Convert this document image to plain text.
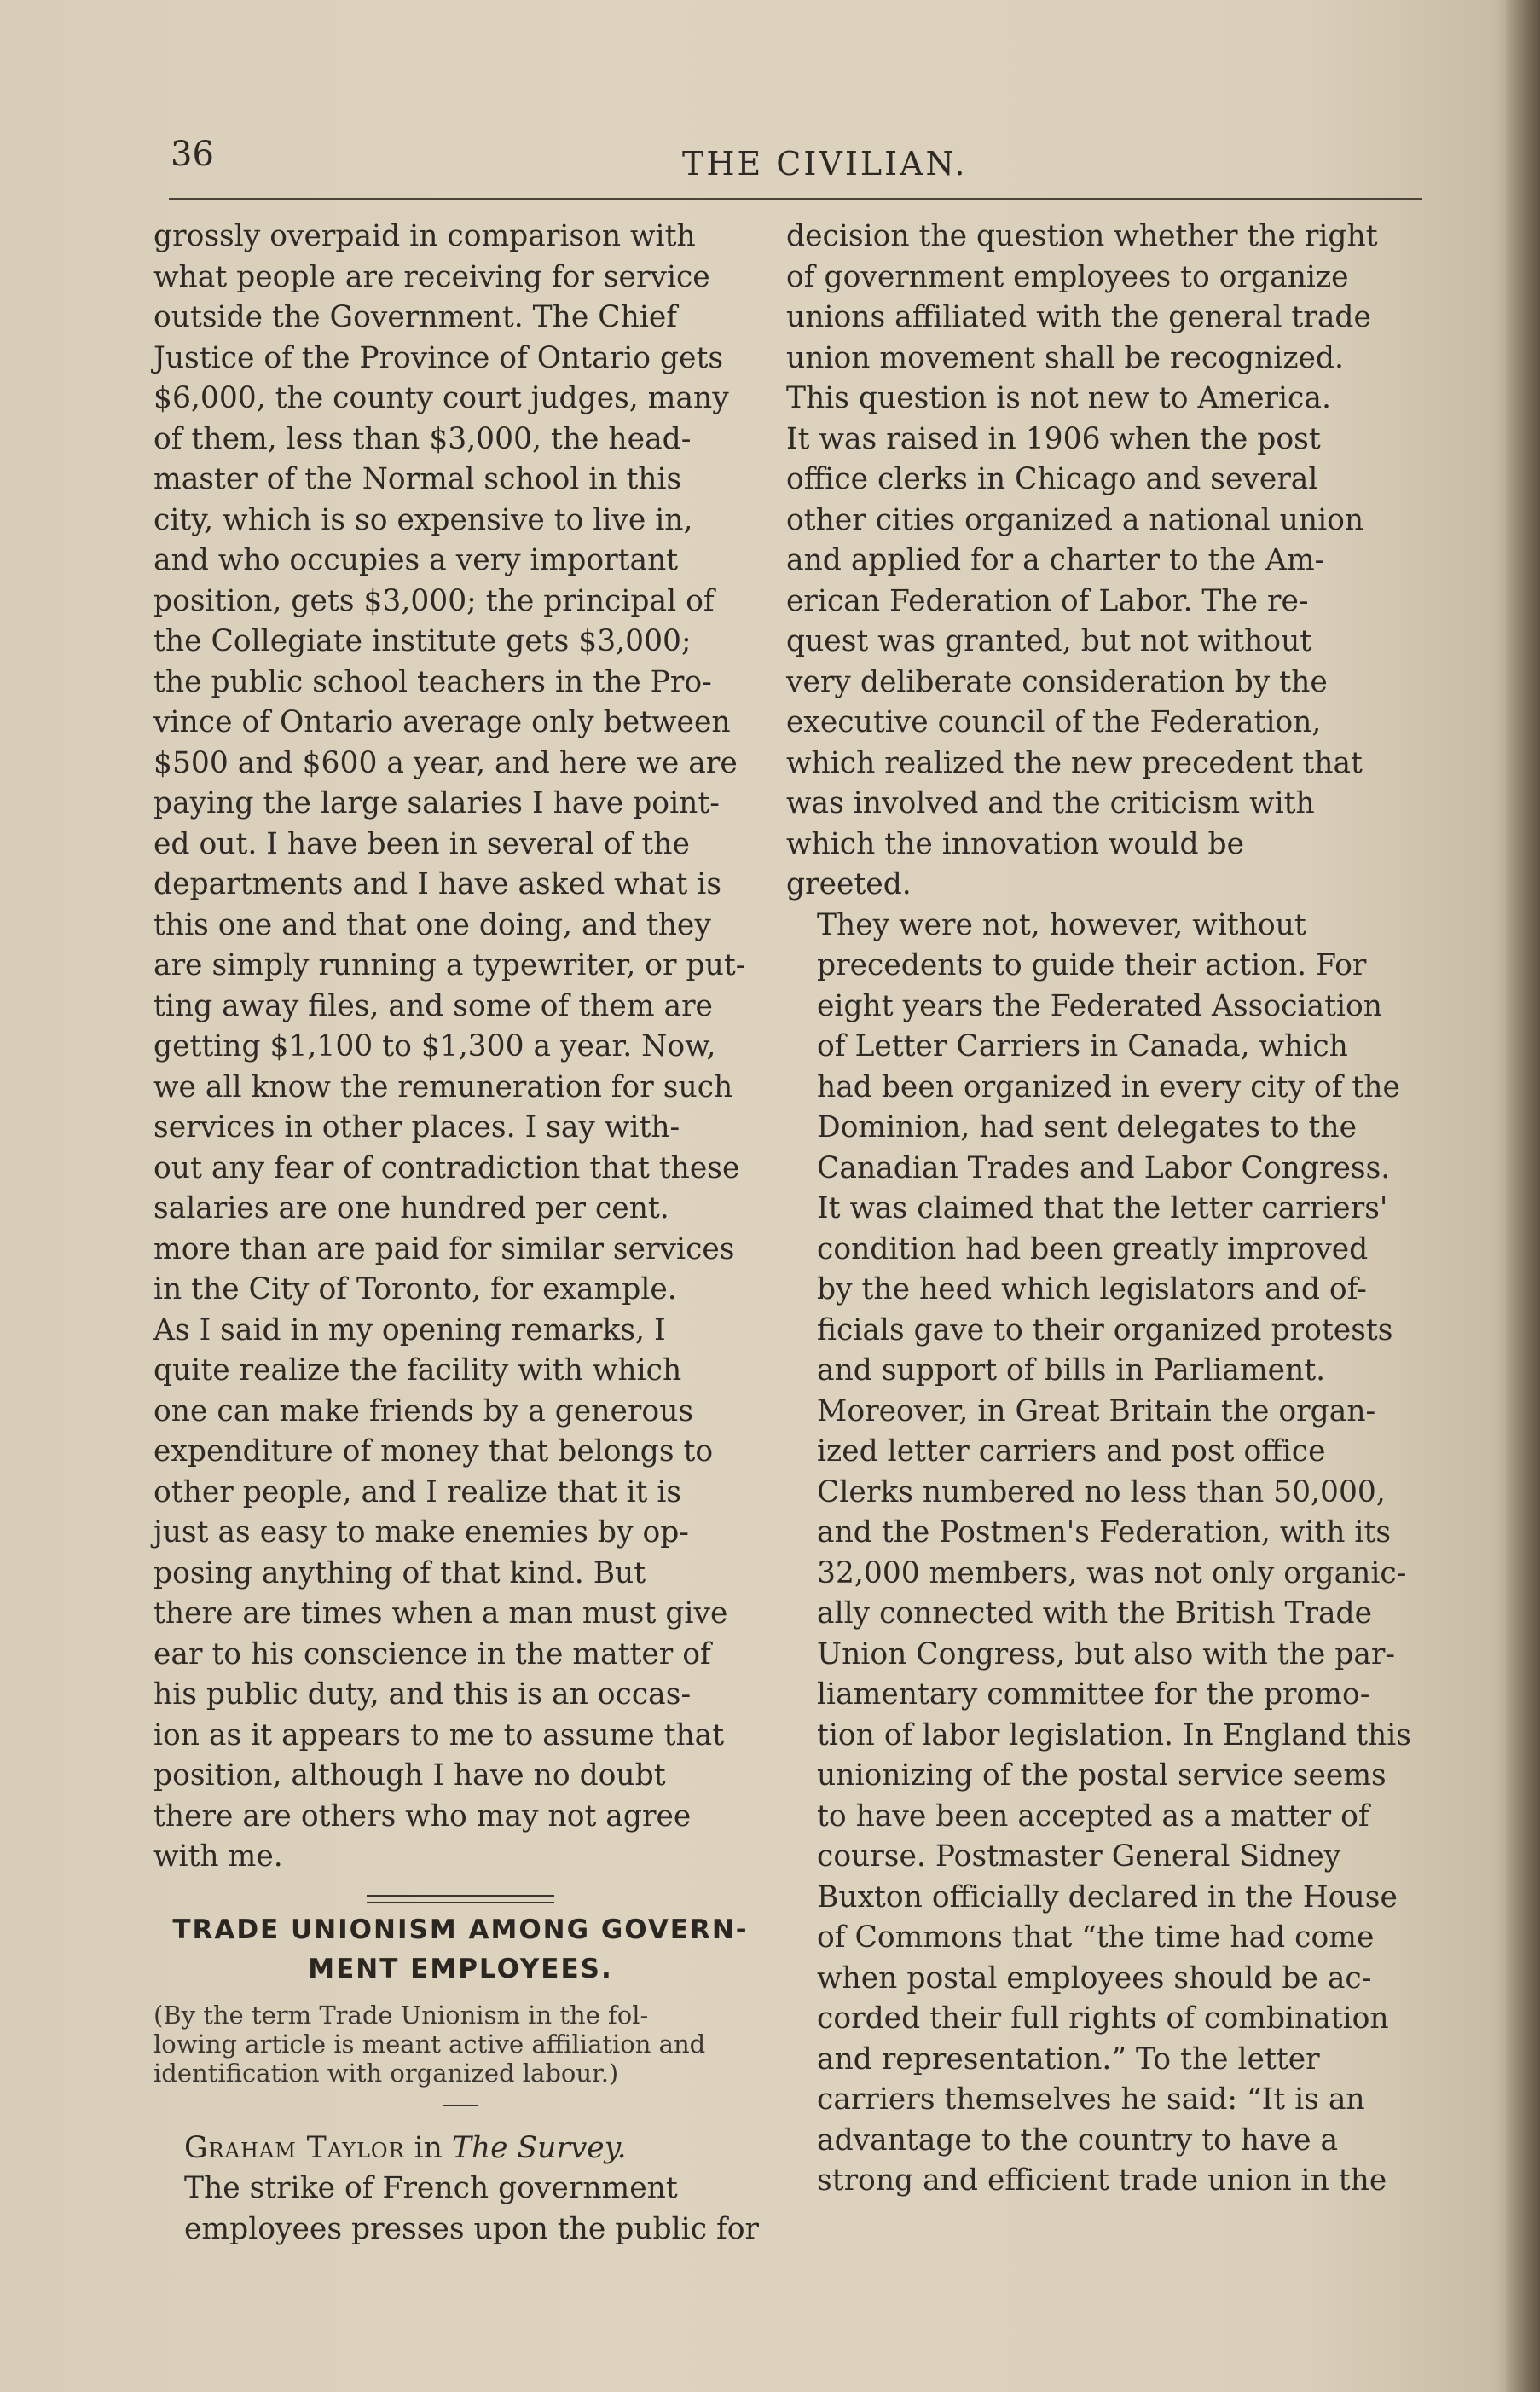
36	THE CIVILIAN.

grossly overpaid in comparison with
what people are receiving for service
outside the Government. The Chief
Justice of the Province of Ontario gets
$6,000, the county court judges, many
of them, less than $3,000, the head-
master of the Normal school in this
city, which is so expensive to live in,
and who occupies a very important
position, gets $3,000; the principal of
the Collegiate institute gets $3,000;
the public school teachers in the Pro-
vince of Ontario average only between
$500 and $600 a year, and here we are
paying the large salaries I have point-
ed out. I have been in several of the
departments and I have asked what is
this one and that one doing, and they
are simply running a typewriter, or put-
ting away files, and some of them are
getting $1,100 to $1,300 a year. Now,
we all know the remuneration for such
services in other places. I say with-
out any fear of contradiction that these
salaries are one hundred per cent.
more than are paid for similar services
in the City of Toronto, for example.
As I said in my opening remarks, I
quite realize the facility with which
one can make friends by a generous
expenditure of money that belongs to
other people, and I realize that it is
just as easy to make enemies by op-
posing anything of that kind. But
there are times when a man must give
ear to his conscience in the matter of
his public duty, and this is an occas-
ion as it appears to me to assume that
position, although I have no doubt
there are others who may not agree
with me.

TRADE UNIONISM AMONG GOVERN-
MENT EMPLOYEES.

(By the term Trade Unionism in the fol-
lowing article is meant active affiliation and
identification with organized labour.)

Graham Taylor in The Survey.

The strike of French government
employees presses upon the public for

decision the question whether the right
of government employees to organize
unions affiliated with the general trade
union movement shall be recognized.
This question is not new to America.
It was raised in 1906 when the post
office clerks in Chicago and several
other cities organized a national union
and applied for a charter to the Am-
erican Federation of Labor. The re-
quest was granted, but not without
very deliberate consideration by the
executive council of the Federation,
which realized the new precedent that
was involved and the criticism with
which the innovation would be
greeted.

They were not, however, without
precedents to guide their action. For
eight years the Federated Association
of Letter Carriers in Canada, which
had been organized in every city of the
Dominion, had sent delegates to the
Canadian Trades and Labor Congress.
It was claimed that the letter carriers'
condition had been greatly improved
by the heed which legislators and of-
ficials gave to their organized protests
and support of bills in Parliament.
Moreover, in Great Britain the organ-
ized letter carriers and post office
Clerks numbered no less than 50,000,
and the Postmen's Federation, with its
32,000 members, was not only organic-
ally connected with the British Trade
Union Congress, but also with the par-
liamentary committee for the promo-
tion of labor legislation. In England this
unionizing of the postal service seems
to have been accepted as a matter of
course. Postmaster General Sidney
Buxton officially declared in the House
of Commons that “the time had come
when postal employees should be ac-
corded their full rights of combination
and representation.” To the letter
carriers themselves he said: “It is an
advantage to the country to have a
strong and efficient trade union in the
